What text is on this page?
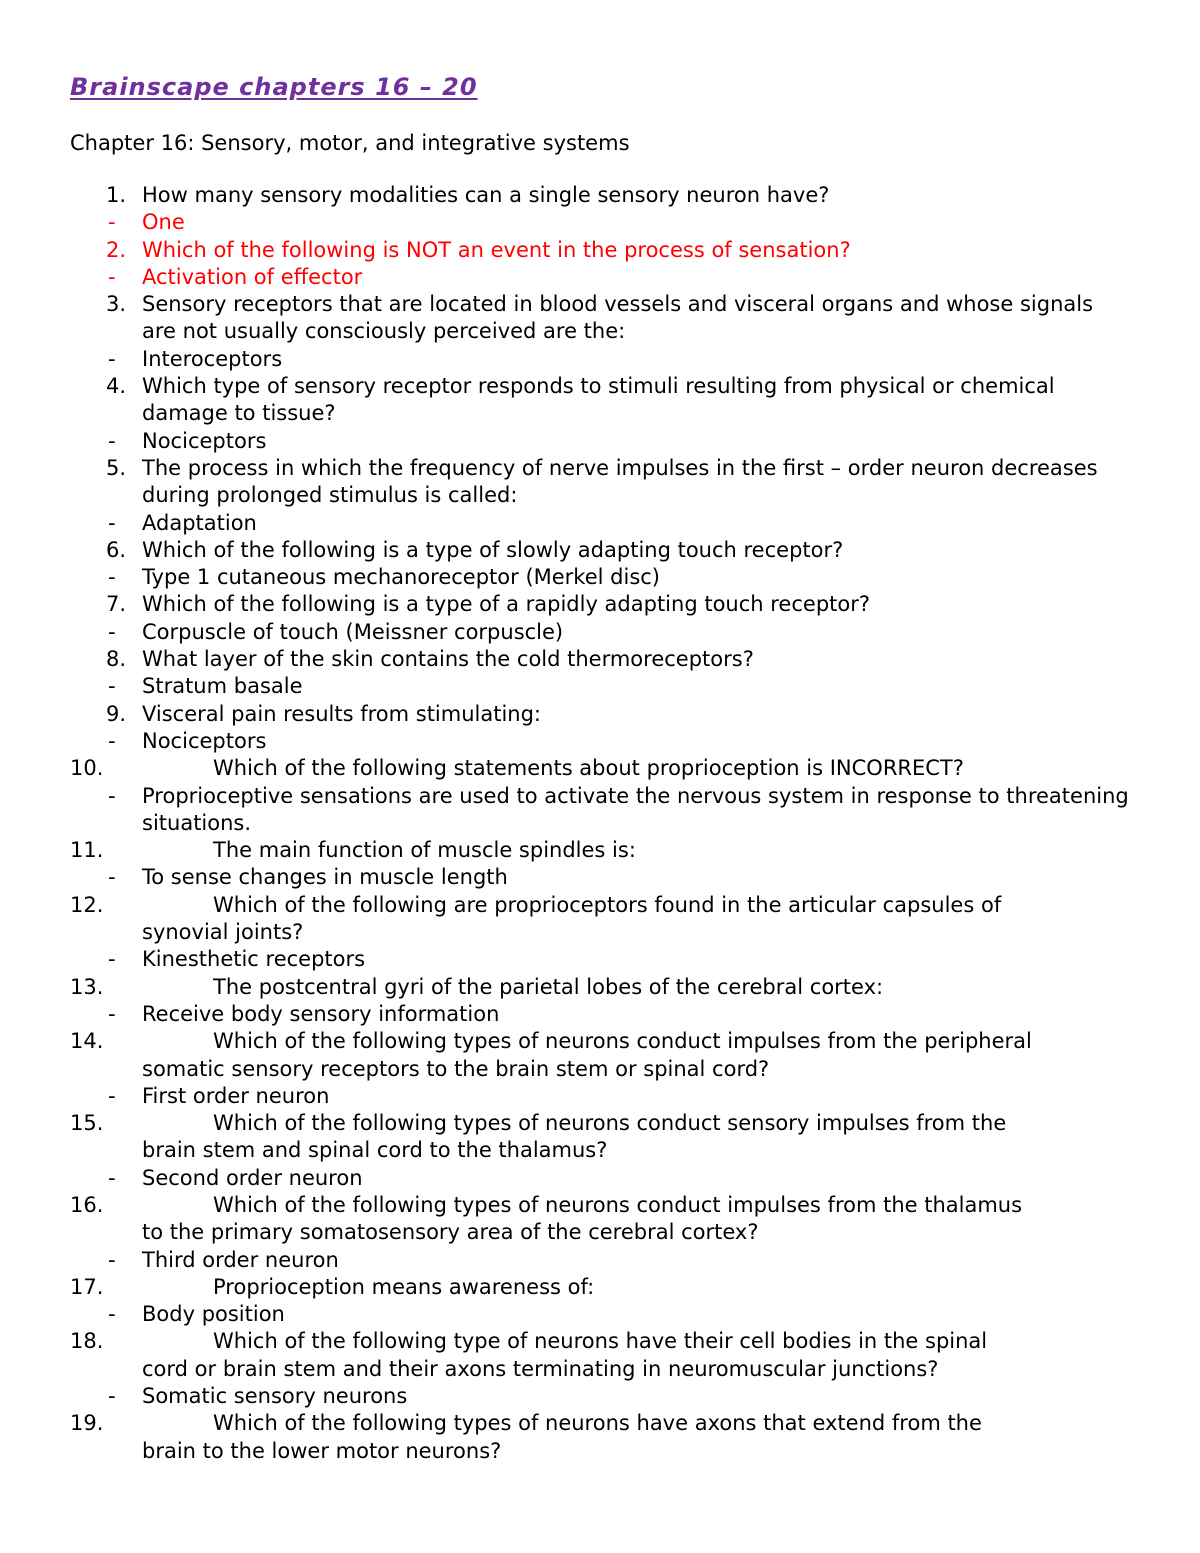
Brainscape chapters 16 – 20
Chapter 16: Sensory, motor, and integrative systems
1. How many sensory modalities can a single sensory neuron have?
-	One
2. Which of the following is NOT an event in the process of sensation?
-	Activation of effector
3. Sensory receptors that are located in blood vessels and visceral organs and whose signals are not usually consciously perceived are the:
-	Interoceptors
4. Which type of sensory receptor responds to stimuli resulting from physical or chemical damage to tissue?
-	Nociceptors
5. The process in which the frequency of nerve impulses in the first – order neuron decreases during prolonged stimulus is called:
-	Adaptation
6. Which of the following is a type of slowly adapting touch receptor?
-	Type 1 cutaneous mechanoreceptor (Merkel disc)
7. Which of the following is a type of a rapidly adapting touch receptor?
-	Corpuscle of touch (Meissner corpuscle)
8. What layer of the skin contains the cold thermoreceptors?
-	Stratum basale
9. Visceral pain results from stimulating:
-	Nociceptors
10.	Which of the following statements about proprioception is INCORRECT?
-	Proprioceptive sensations are used to activate the nervous system in response to threatening situations.
11.	The main function of muscle spindles is:
-	To sense changes in muscle length
12.	Which of the following are proprioceptors found in the articular capsules of
synovial joints?
-	Kinesthetic receptors
13.	The postcentral gyri of the parietal lobes of the cerebral cortex:
-	Receive body sensory information
14.	Which of the following types of neurons conduct impulses from the peripheral
somatic sensory receptors to the brain stem or spinal cord?
-	First order neuron
15.	Which of the following types of neurons conduct sensory impulses from the
brain stem and spinal cord to the thalamus?
-	Second order neuron
16.	Which of the following types of neurons conduct impulses from the thalamus
to the primary somatosensory area of the cerebral cortex?
-	Third order neuron
17.	Proprioception means awareness of:
-	Body position
18.	Which of the following type of neurons have their cell bodies in the spinal
cord or brain stem and their axons terminating in neuromuscular junctions?
-	Somatic sensory neurons
19.	Which of the following types of neurons have axons that extend from the
brain to the lower motor neurons?
